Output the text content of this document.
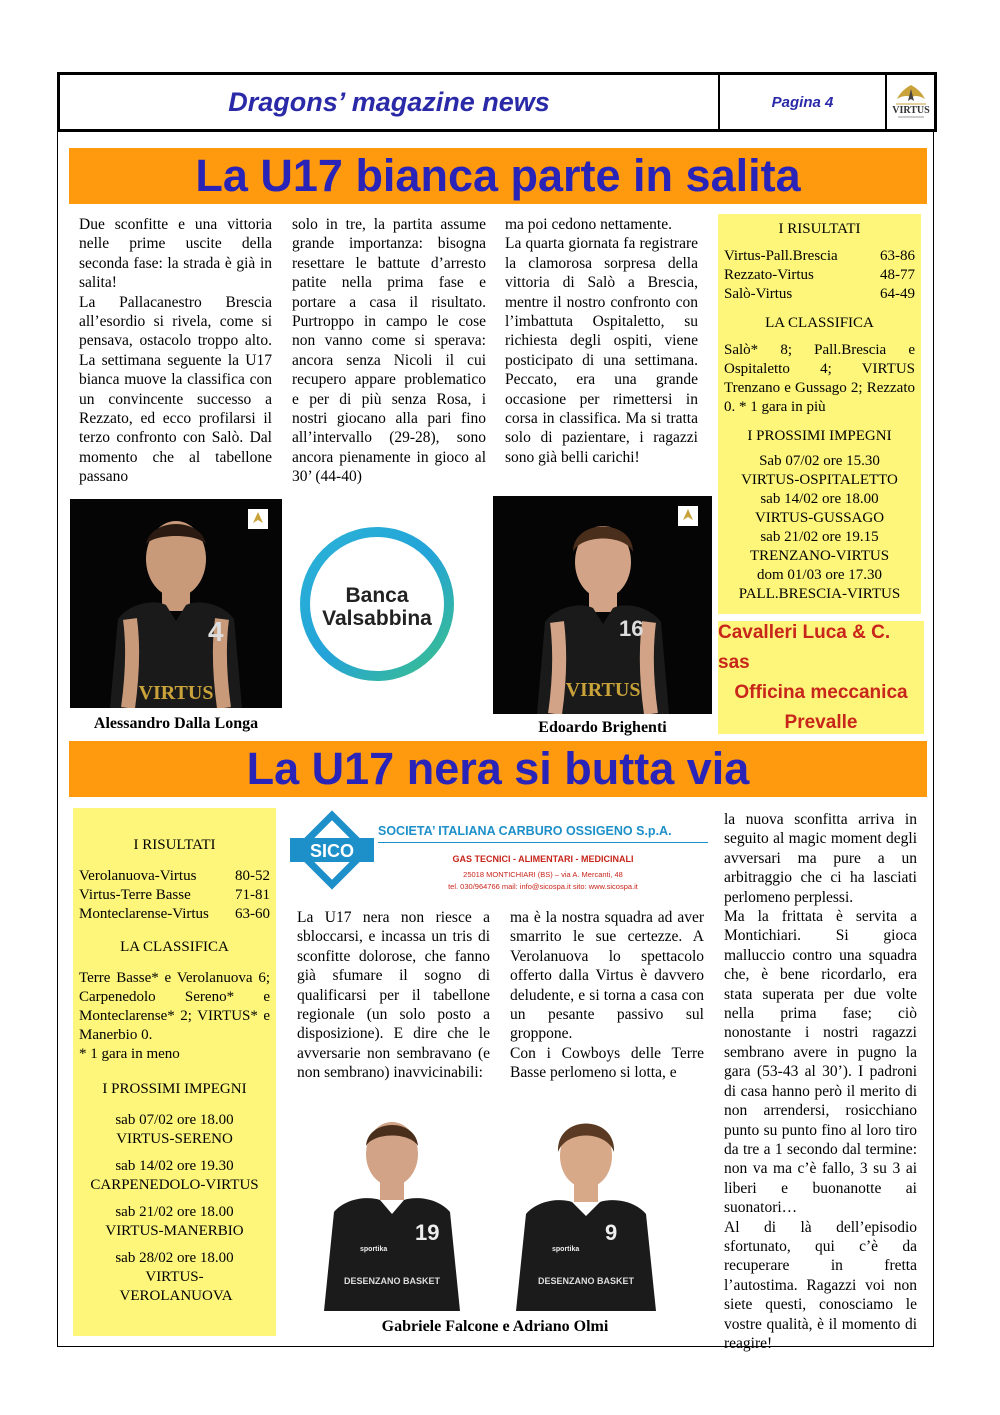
Dragons’ magazine news	Pagina 4	VIRTUS
La U17 bianca parte in salita

Due sconfitte e una vittoria nelle prime uscite della seconda fase: la strada è già in salita!
La Pallacanestro Brescia all’esordio si rivela, come si pensava, ostacolo troppo alto. La settimana seguente la U17 bianca muove la classifica con un convincente successo a Rezzato, ed ecco profilarsi il terzo confronto con Salò. Dal momento che al tabellone passano

solo in tre, la partita assume grande importanza: bisogna resettare le battute d’arresto patite nella prima fase e portare a casa il risultato. Purtroppo in campo le cose non vanno come si sperava: ancora senza Nicoli il cui recupero appare problematico e per di più senza Rosa, i nostri giocano alla pari fino all’intervallo (29-28), sono ancora pienamente in gioco al 30’ (44-40)

ma poi cedono nettamente.
La quarta giornata fa registrare la clamorosa sorpresa della vittoria di Salò a Brescia, mentre il nostro confronto con l’imbattuta Ospitaletto, su richiesta degli ospiti, viene posticipato di una settimana. Peccato, era una grande occasione per rimettersi in corsa in classifica. Ma si tratta solo di pazientare, i ragazzi sono già belli carichi!

I RISULTATI
Virtus-Pall.Brescia	63-86
Rezzato-Virtus	48-77
Salò-Virtus	64-49
LA CLASSIFICA
Salò* 8; Pall.Brescia e Ospitaletto 4; VIRTUS Trenzano e Gussago 2; Rezzato 0. * 1 gara in più
I PROSSIMI IMPEGNI
Sab 07/02 ore 15.30
VIRTUS-OSPITALETTO
sab 14/02 ore 18.00
VIRTUS-GUSSAGO
sab 21/02 ore 19.15
TRENZANO-VIRTUS
dom 01/03 ore 17.30
PALL.BRESCIA-VIRTUS
Cavalleri Luca & C. sas
Officina meccanica
Prevalle
4
VIRTUS
Alessandro Dalla Longa
Banca
Valsabbina	16
VIRTUS
Edoardo Brighenti
La U17 nera si butta via
I RISULTATI
Verolanuova-Virtus	80-52
Virtus-Terre Basse	71-81
Monteclarense-Virtus 63-60
LA CLASSIFICA
Terre Basse* e Verolanuova 6; Carpenedolo Sereno* e Monteclarense* 2; VIRTUS* e Manerbio 0.
* 1 gara in meno
I PROSSIMI IMPEGNI
sab 07/02 ore 18.00
VIRTUS-SERENO
sab 14/02 ore 19.30
CARPENEDOLO-VIRTUS
sab 21/02 ore 18.00
VIRTUS-MANERBIO
sab 28/02 ore 18.00
VIRTUS-VEROLANUOVA
SICO
SOCIETA’ ITALIANA CARBURO OSSIGENO S.p.A.
GAS TECNICI - ALIMENTARI - MEDICINALI
25018 MONTICHIARI (BS) – via A. Mercanti, 48
tel. 030/964766 mail: info@sicospa.it sito: www.sicospa.it

La U17 nera non riesce a sbloccarsi, e incassa un tris di sconfitte dolorose, che fanno già sfumare il sogno di qualificarsi per il tabellone regionale (un solo posto a disposizione). E dire che le avversarie non sembravano (e non sembrano) inavvicinabili:

ma è la nostra squadra ad aver smarrito le sue certezze. A Verolanuova lo spettacolo offerto dalla Virtus è davvero deludente, e si torna a casa con un pesante passivo sul groppone.
Con i Cowboys delle Terre Basse perlomeno si lotta, e

la nuova sconfitta arriva in seguito al magic moment degli avversari ma pure a un arbitraggio che ci ha lasciati perlomeno perplessi.
Ma la frittata è servita a Montichiari. Si gioca malluccio contro una squadra che, è bene ricordarlo, era stata superata per due volte nella prima fase; ciò nonostante i nostri ragazzi sembrano avere in pugno la gara (53-43 al 30’). I padroni di casa hanno però il merito di non arrendersi, rosicchiano punto su punto fino al loro tiro da tre a 1 secondo dal termine: non va ma c’è fallo, 3 su 3 ai liberi e buonanotte ai suonatori…
Al di là dell’episodio sfortunato, qui c’è da recuperare in fretta l’autostima. Ragazzi voi non siete questi, conosciamo le vostre qualità, è il momento di reagire!

19
sportika
DESENZANO BASKET
9
sportika
DESENZANO BASKET
Gabriele Falcone e Adriano Olmi
